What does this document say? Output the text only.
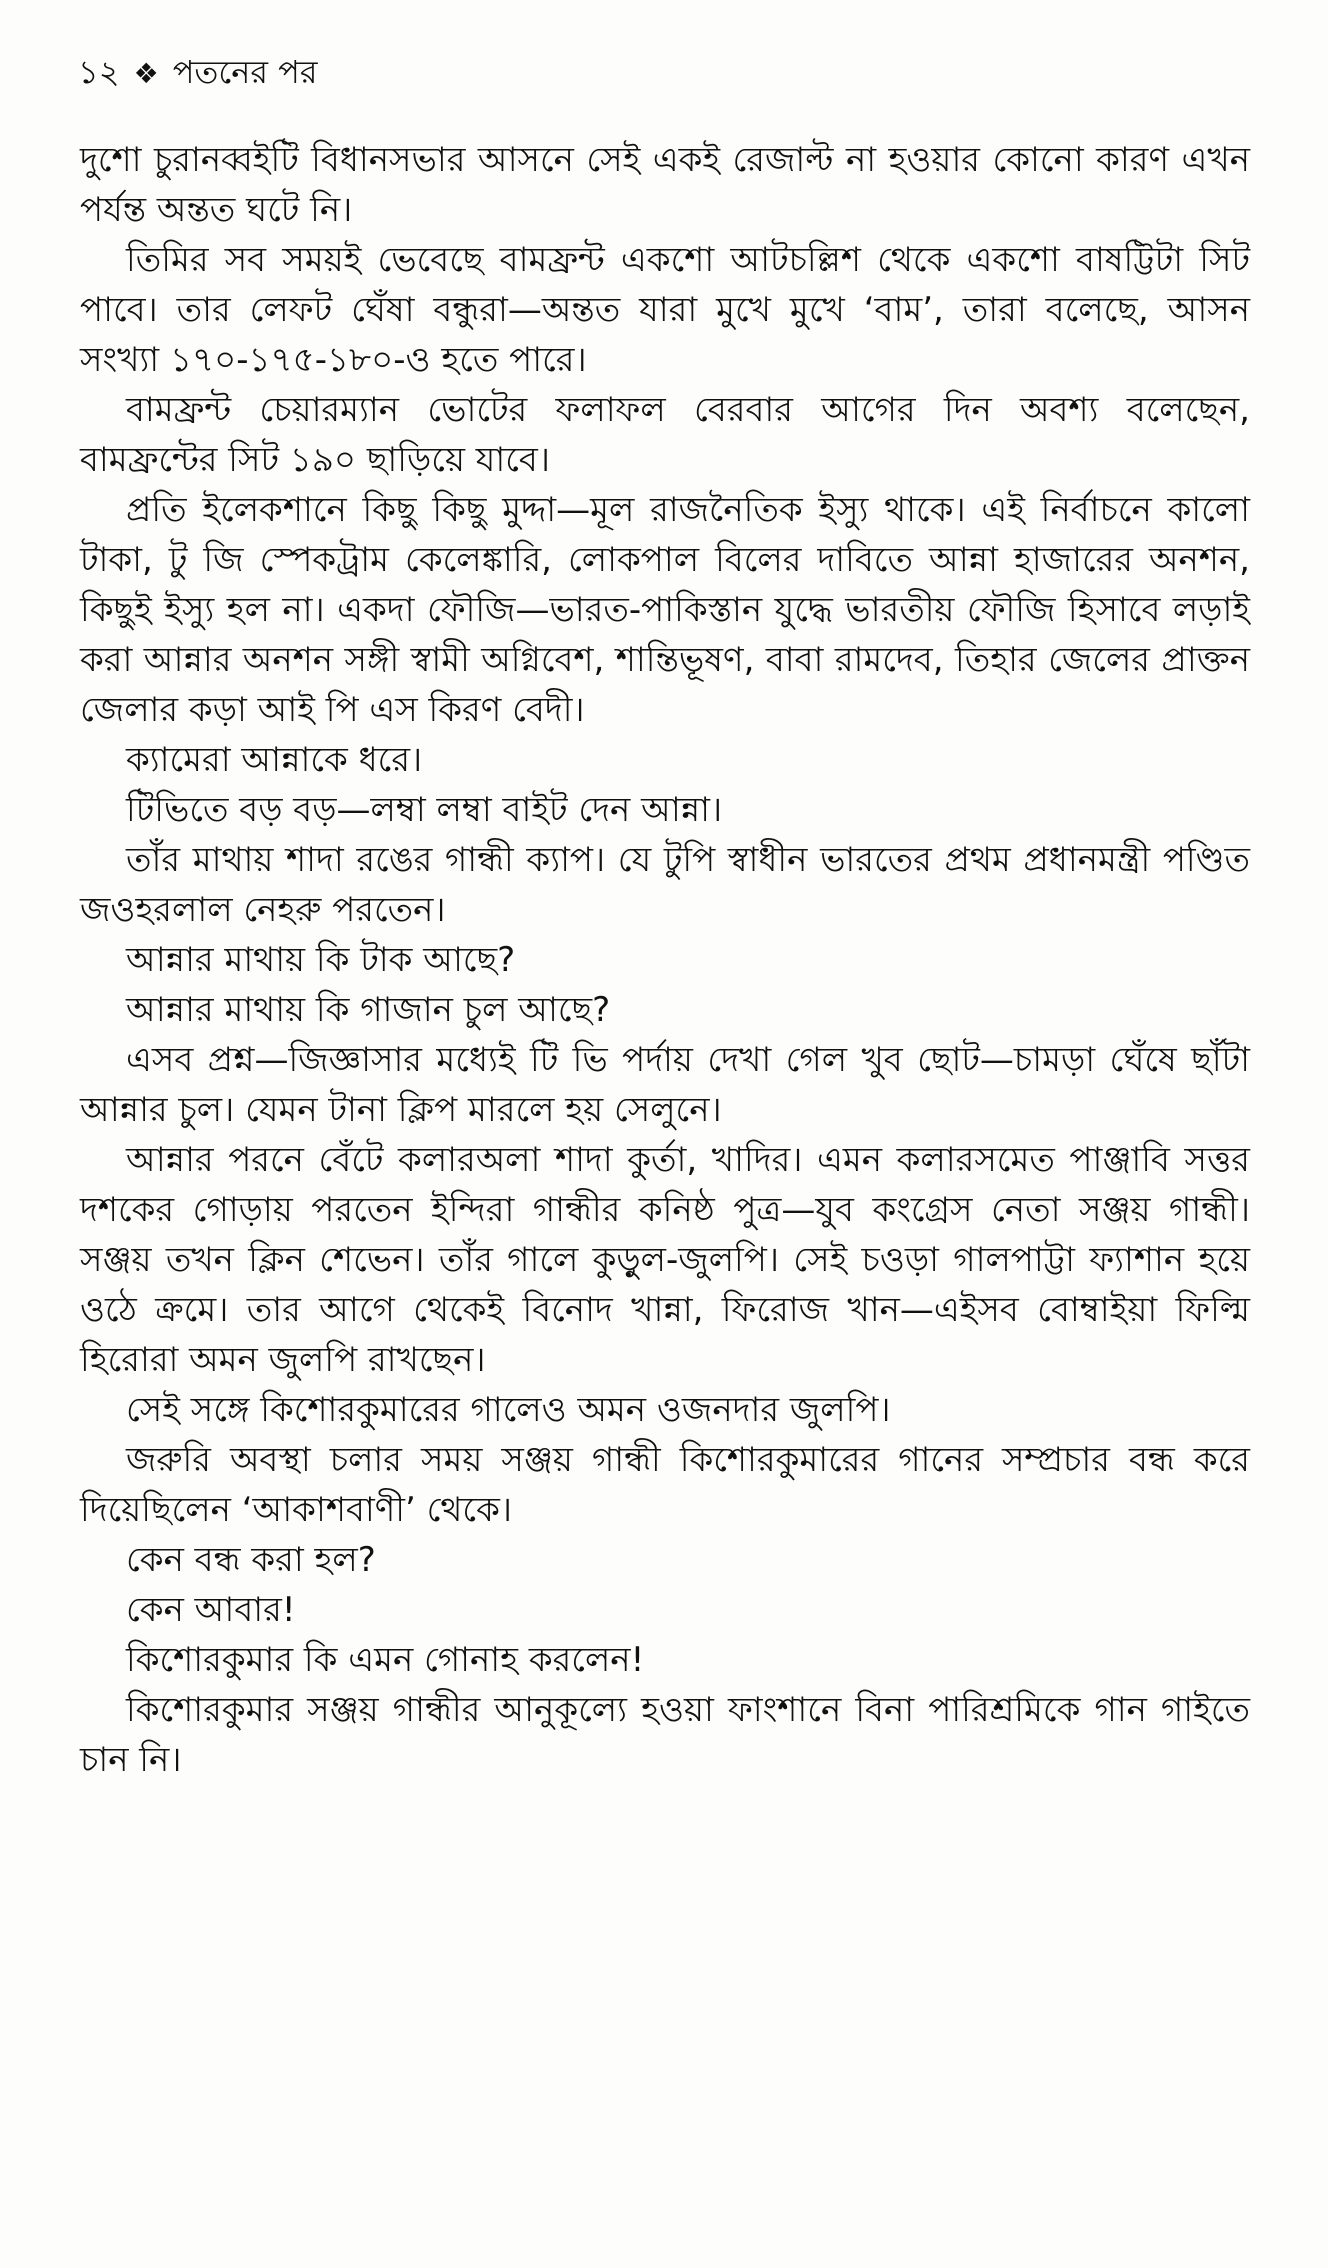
১২ ❖ পতনের পর

দুশো চুরানব্বইটি বিধানসভার আসনে সেই একই রেজাল্ট না হওয়ার কোনো কারণ এখন পর্যন্ত অন্তত ঘটে নি।

তিমির সব সময়ই ভেবেছে বামফ্রন্ট একশো আটচল্লিশ থেকে একশো বাষট্টিটা সিট পাবে। তার লেফট ঘেঁষা বন্ধুরা—অন্তত যারা মুখে মুখে ‘বাম’, তারা বলেছে, আসন সংখ্যা ১৭০-১৭৫-১৮০-ও হতে পারে।

বামফ্রন্ট চেয়ারম্যান ভোটের ফলাফল বেরবার আগের দিন অবশ্য বলেছেন, বামফ্রন্টের সিট ১৯০ ছাড়িয়ে যাবে।

প্রতি ইলেকশানে কিছু কিছু মুদ্দা—মূল রাজনৈতিক ইস্যু থাকে। এই নির্বাচনে কালো টাকা, টু জি স্পেকট্রাম কেলেঙ্কারি, লোকপাল বিলের দাবিতে আন্না হাজারের অনশন, কিছুই ইস্যু হল না। একদা ফৌজি—ভারত-পাকিস্তান যুদ্ধে ভারতীয় ফৌজি হিসাবে লড়াই করা আন্নার অনশন সঙ্গী স্বামী অগ্নিবেশ, শান্তিভূষণ, বাবা রামদেব, তিহার জেলের প্রাক্তন জেলার কড়া আই পি এস কিরণ বেদী।

ক্যামেরা আন্নাকে ধরে।

টিভিতে বড় বড়—লম্বা লম্বা বাইট দেন আন্না।

তাঁর মাথায় শাদা রঙের গান্ধী ক্যাপ। যে টুপি স্বাধীন ভারতের প্রথম প্রধানমন্ত্রী পণ্ডিত জওহরলাল নেহরু পরতেন।

আন্নার মাথায় কি টাক আছে?

আন্নার মাথায় কি গাজান চুল আছে?

এসব প্রশ্ন—জিজ্ঞাসার মধ্যেই টি ভি পর্দায় দেখা গেল খুব ছোট—চামড়া ঘেঁষে ছাঁটা আন্নার চুল। যেমন টানা ক্লিপ মারলে হয় সেলুনে।

আন্নার পরনে বেঁটে কলারঅলা শাদা কুর্তা, খাদির। এমন কলারসমেত পাঞ্জাবি সত্তর দশকের গোড়ায় পরতেন ইন্দিরা গান্ধীর কনিষ্ঠ পুত্র—যুব কংগ্রেস নেতা সঞ্জয় গান্ধী। সঞ্জয় তখন ক্লিন শেভেন। তাঁর গালে কুড়ুল-জুলপি। সেই চওড়া গালপাট্টা ফ্যাশান হয়ে ওঠে ক্রমে। তার আগে থেকেই বিনোদ খান্না, ফিরোজ খান—এইসব বোম্বাইয়া ফিল্মি হিরোরা অমন জুলপি রাখছেন।

সেই সঙ্গে কিশোরকুমারের গালেও অমন ওজনদার জুলপি।

জরুরি অবস্থা চলার সময় সঞ্জয় গান্ধী কিশোরকুমারের গানের সম্প্রচার বন্ধ করে দিয়েছিলেন ‘আকাশবাণী’ থেকে।

কেন বন্ধ করা হল?

কেন আবার!

কিশোরকুমার কি এমন গোনাহ করলেন!

কিশোরকুমার সঞ্জয় গান্ধীর আনুকূল্যে হওয়া ফাংশানে বিনা পারিশ্রমিকে গান গাইতে চান নি।
